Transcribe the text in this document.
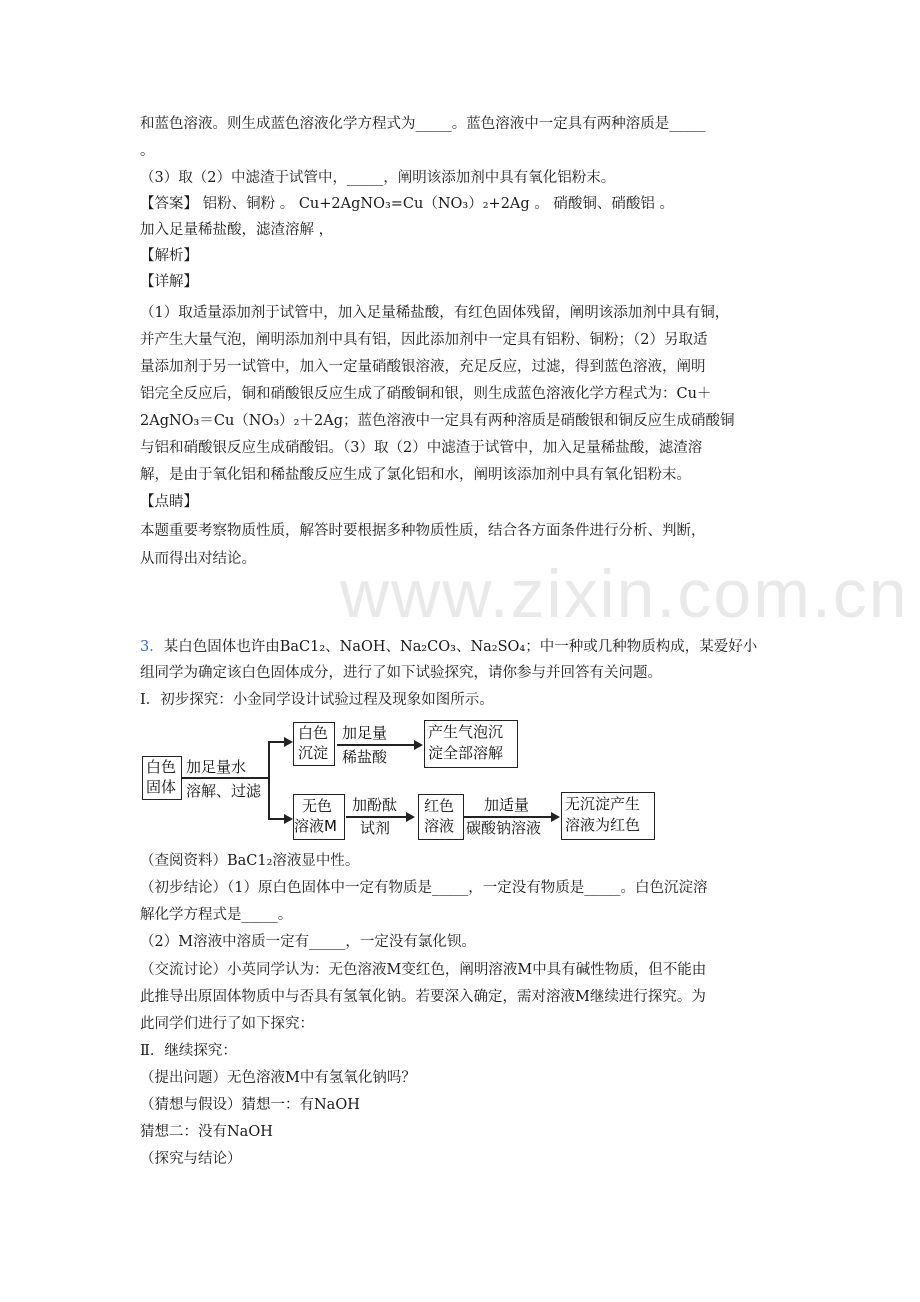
www.zixin.com.cn
和蓝色溶液。则生成蓝色溶液化学方程式为_____。蓝色溶液中一定具有两种溶质是_____
。
（3）取（2）中滤渣于试管中，_____，阐明该添加剂中具有氧化铝粉末。
【答案】 铝粉、铜粉 。 Cu+2AgNO₃=Cu（NO₃）₂+2Ag 。 硝酸铜、硝酸铝 。
加入足量稀盐酸，滤渣溶解 ，
【解析】
【详解】
（1）取适量添加剂于试管中，加入足量稀盐酸，有红色固体残留，阐明该添加剂中具有铜，
并产生大量气泡，阐明添加剂中具有铝，因此添加剂中一定具有铝粉、铜粉；（2）另取适
量添加剂于另一试管中，加入一定量硝酸银溶液，充足反应，过滤，得到蓝色溶液，阐明
铝完全反应后，铜和硝酸银反应生成了硝酸铜和银，则生成蓝色溶液化学方程式为：Cu＋
2AgNO₃＝Cu（NO₃）₂＋2Ag；蓝色溶液中一定具有两种溶质是硝酸银和铜反应生成硝酸铜
与铝和硝酸银反应生成硝酸铝。（3）取（2）中滤渣于试管中，加入足量稀盐酸，滤渣溶
解，是由于氧化铝和稀盐酸反应生成了氯化铝和水，阐明该添加剂中具有氧化铝粉末。
【点睛】
本题重要考察物质性质，解答时要根据多种物质性质，结合各方面条件进行分析、判断，
从而得出对结论。
3．某白色固体也许由BaC1₂、NaOH、Na₂CO₃、Na₂SO₄；中一种或几种物质构成，某爱好小
组同学为确定该白色固体成分，进行了如下试验探究，请你参与并回答有关问题。
Ⅰ．初步探究：小金同学设计试验过程及现象如图所示。
白色
固体
加足量水
溶解、过滤
白色
沉淀
加足量
稀盐酸
产生气泡沉
淀全部溶解
无色
溶液M
加酚酞
试剂
红色
溶液
加适量
碳酸钠溶液
无沉淀产生
溶液为红色
（查阅资料）BaC1₂溶液显中性。
（初步结论）（1）原白色固体中一定有物质是_____，一定没有物质是_____。白色沉淀溶
解化学方程式是_____。
（2）M溶液中溶质一定有_____，一定没有氯化钡。
（交流讨论）小英同学认为：无色溶液M变红色，阐明溶液M中具有碱性物质，但不能由
此推导出原固体物质中与否具有氢氧化钠。若要深入确定，需对溶液M继续进行探究。为
此同学们进行了如下探究：
Ⅱ．继续探究：
（提出问题）无色溶液M中有氢氧化钠吗？
（猜想与假设）猜想一：有NaOH
猜想二：没有NaOH
（探究与结论）
